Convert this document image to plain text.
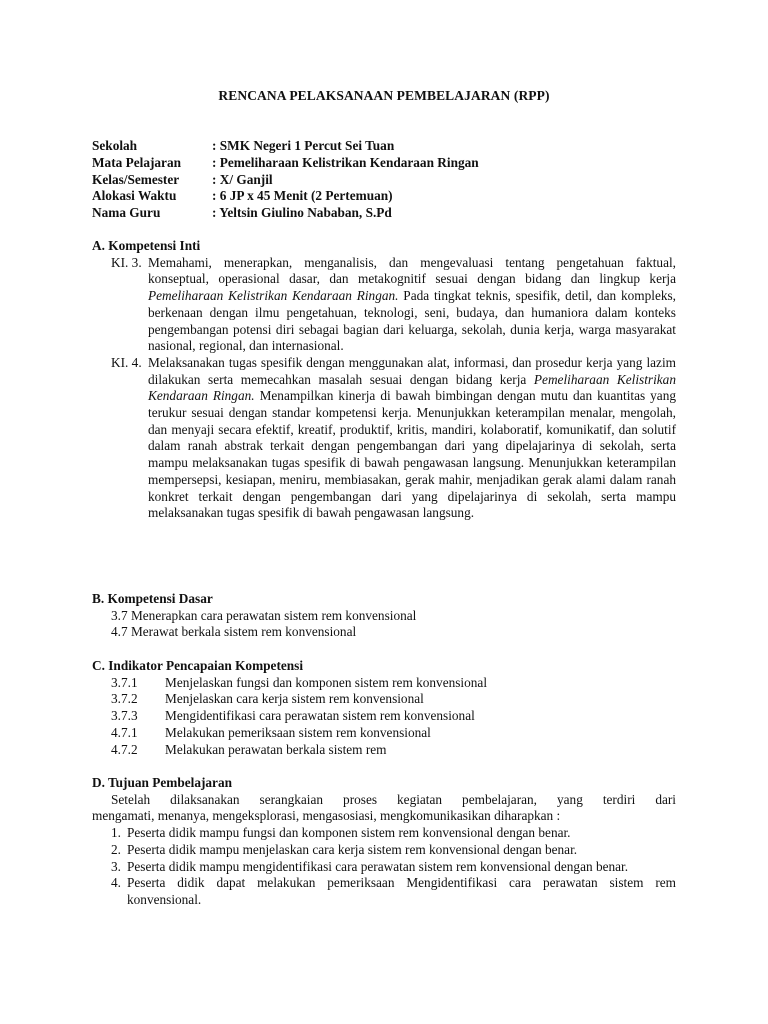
RENCANA PELAKSANAAN PEMBELAJARAN (RPP)
Sekolah	: SMK Negeri 1 Percut Sei Tuan
Mata Pelajaran	: Pemeliharaan Kelistrikan Kendaraan Ringan
Kelas/Semester	: X/ Ganjil
Alokasi Waktu	: 6 JP x 45 Menit (2 Pertemuan)
Nama Guru	: Yeltsin Giulino Nababan, S.Pd
A. Kompetensi Inti
KI. 3. Memahami, menerapkan, menganalisis, dan mengevaluasi tentang pengetahuan faktual, konseptual, operasional dasar, dan metakognitif sesuai dengan bidang dan lingkup kerja Pemeliharaan Kelistrikan Kendaraan Ringan. Pada tingkat teknis, spesifik, detil, dan kompleks, berkenaan dengan ilmu pengetahuan, teknologi, seni, budaya, dan humaniora dalam konteks pengembangan potensi diri sebagai bagian dari keluarga, sekolah, dunia kerja, warga masyarakat nasional, regional, dan internasional.
KI. 4. Melaksanakan tugas spesifik dengan menggunakan alat, informasi, dan prosedur kerja yang lazim dilakukan serta memecahkan masalah sesuai dengan bidang kerja Pemeliharaan Kelistrikan Kendaraan Ringan. Menampilkan kinerja di bawah bimbingan dengan mutu dan kuantitas yang terukur sesuai dengan standar kompetensi kerja. Menunjukkan keterampilan menalar, mengolah, dan menyaji secara efektif, kreatif, produktif, kritis, mandiri, kolaboratif, komunikatif, dan solutif dalam ranah abstrak terkait dengan pengembangan dari yang dipelajarinya di sekolah, serta mampu melaksanakan tugas spesifik di bawah pengawasan langsung. Menunjukkan keterampilan mempersepsi, kesiapan, meniru, membiasakan, gerak mahir, menjadikan gerak alami dalam ranah konkret terkait dengan pengembangan dari yang dipelajarinya di sekolah, serta mampu melaksanakan tugas spesifik di bawah pengawasan langsung.
B. Kompetensi Dasar
3.7 Menerapkan cara perawatan sistem rem konvensional
4.7 Merawat berkala sistem rem konvensional
C. Indikator Pencapaian Kompetensi
3.7.1	Menjelaskan fungsi dan komponen sistem rem konvensional
3.7.2	Menjelaskan cara kerja sistem rem konvensional
3.7.3	Mengidentifikasi cara perawatan sistem rem konvensional
4.7.1	Melakukan pemeriksaan sistem rem konvensional
4.7.2	Melakukan perawatan berkala sistem rem
D. Tujuan Pembelajaran
Setelah dilaksanakan serangkaian proses kegiatan pembelajaran, yang terdiri dari
mengamati, menanya, mengeksplorasi, mengasosiasi, mengkomunikasikan diharapkan :
1. Peserta didik mampu fungsi dan komponen sistem rem konvensional dengan benar.
2. Peserta didik mampu menjelaskan cara kerja sistem rem konvensional dengan benar.
3. Peserta didik mampu mengidentifikasi cara perawatan sistem rem konvensional dengan benar.
4. Peserta didik dapat melakukan pemeriksaan Mengidentifikasi cara perawatan sistem rem konvensional.
